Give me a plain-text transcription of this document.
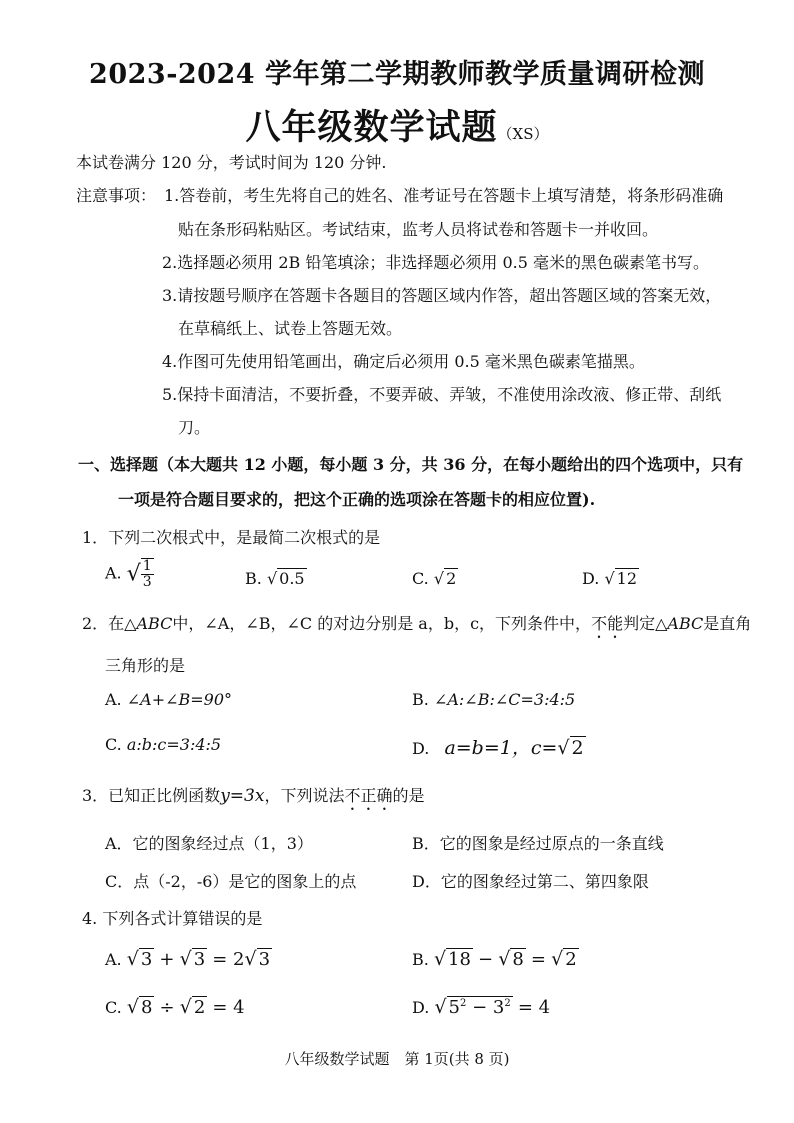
2023-2024 学年第二学期教师教学质量调研检测
八年级数学试题（XS）
本试卷满分 120 分，考试时间为 120 分钟.
注意事项： 1.答卷前，考生先将自己的姓名、准考证号在答题卡上填写清楚，将条形码准确
贴在条形码粘贴区。考试结束，监考人员将试卷和答题卡一并收回。
2.选择题必须用 2B 铅笔填涂；非选择题必须用 0.5 毫米的黑色碳素笔书写。
3.请按题号顺序在答题卡各题目的答题区域内作答，超出答题区域的答案无效，
在草稿纸上、试卷上答题无效。
4.作图可先使用铅笔画出，确定后必须用 0.5 毫米黑色碳素笔描黑。
5.保持卡面清洁，不要折叠，不要弄破、弄皱，不准使用涂改液、修正带、刮纸
刀。
一、选择题（本大题共 12 小题，每小题 3 分，共 36 分，在每小题给出的四个选项中，只有
一项是符合题目要求的，把这个正确的选项涂在答题卡的相应位置).
1．下列二次根式中，是最简二次根式的是
A. √ $\frac{1}{3}$	B. √ 0.5	C. √ 2	D. √ 12
2．在△ABC中，∠A，∠B，∠C 的对边分别是 a，b，c，下列条件中，不能判定△ABC是直角
三角形的是
A. ∠A+∠B=90°	B. ∠A:∠B:∠C=3:4:5
C. a:b:c=3:4:5	D. a=b=1，c=√ 2
3．已知正比例函数y=3x，下列说法不正确的是
A．它的图象经过点（1，3）	B．它的图象是经过原点的一条直线
C．点（-2，-6）是它的图象上的点	D．它的图象经过第二、第四象限
4. 下列各式计算错误的是
A. √ 3 + √ 3 = 2√ 3	B. √ 18 − √ 8 = √ 2
C. √ 8 ÷ √ 2 = 4	D. √ $5^2 - 3^2 = 4$
八年级数学试题　第 1页(共 8 页)
